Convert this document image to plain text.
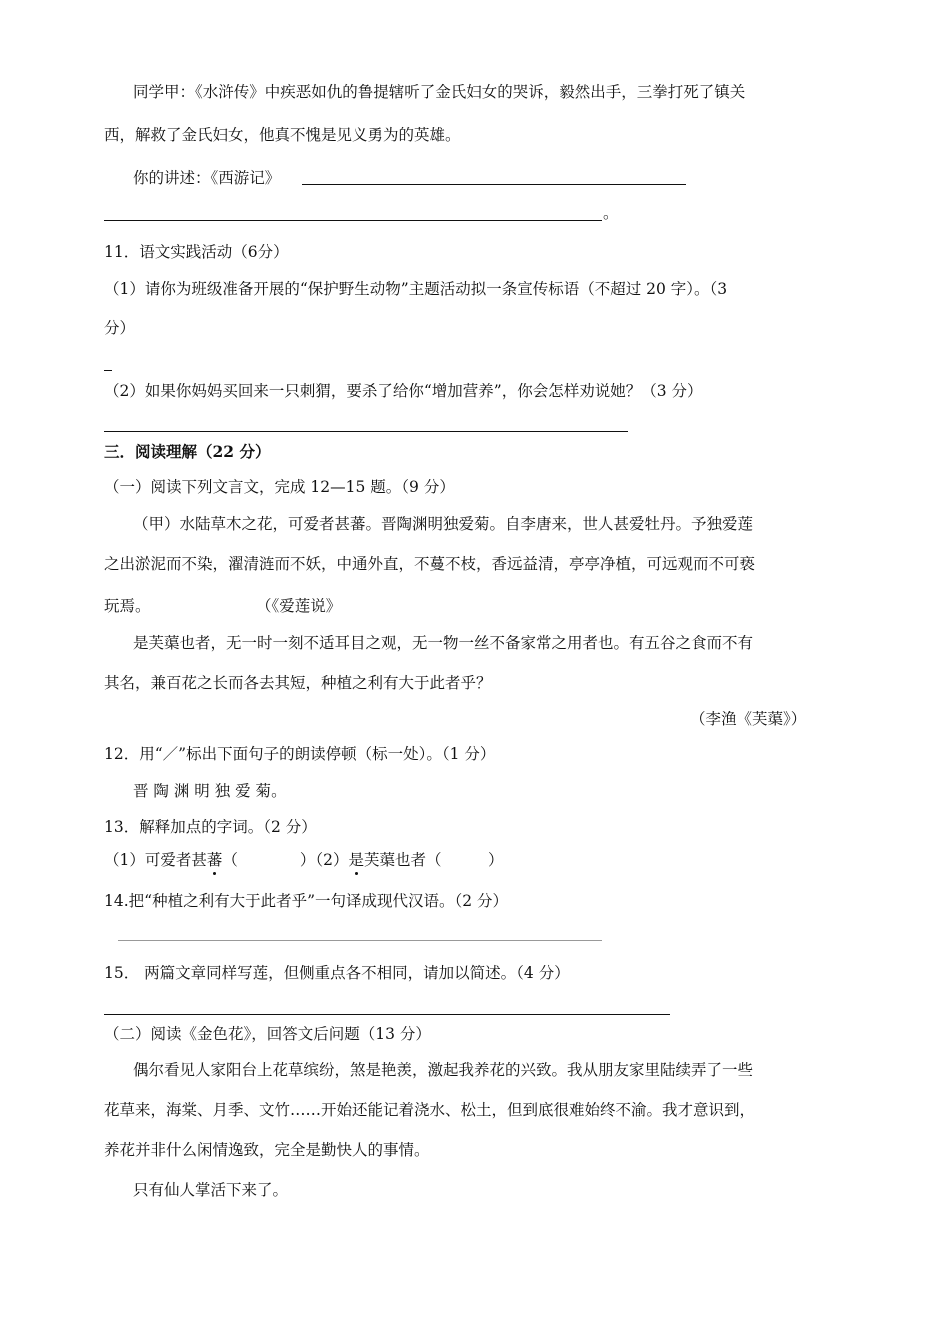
同学甲：《水浒传》中疾恶如仇的鲁提辖听了金氏妇女的哭诉，毅然出手，三拳打死了镇关
西，解救了金氏妇女，他真不愧是见义勇为的英雄。
你的讲述：《西游记》
。
11．语文实践活动（6分）
（1）请你为班级准备开展的“保护野生动物”主题活动拟一条宣传标语（不超过 20 字）。（3
分）
（2）如果你妈妈买回来一只刺猬，要杀了给你“增加营养”，你会怎样劝说她？（3 分）
三．阅读理解（22 分）
（一）阅读下列文言文，完成 12—15 题。（9 分）
（甲）水陆草木之花，可爱者甚蕃。晋陶渊明独爱菊。自李唐来，世人甚爱牡丹。予独爱莲
之出淤泥而不染，濯清涟而不妖，中通外直，不蔓不枝，香远益清，亭亭净植，可远观而不可亵
玩焉。	（《爱莲说》
是芙蕖也者，无一时一刻不适耳目之观，无一物一丝不备家常之用者也。有五谷之食而不有
其名，兼百花之长而各去其短，种植之利有大于此者乎？
（李渔《芙蕖》）
12．用“／”标出下面句子的朗读停顿（标一处）。（1 分）
晋 陶 渊 明 独 爱 菊。
13．解释加点的字词。（2 分）
（1）可爱者甚蕃（　　　　）（2）是芙蕖也者（　　　）
14.把“种植之利有大于此者乎”一句译成现代汉语。（2 分）
15． 两篇文章同样写莲，但侧重点各不相同，请加以简述。（4 分）
（二）阅读《金色花》，回答文后问题（13 分）
偶尔看见人家阳台上花草缤纷，煞是艳羡，激起我养花的兴致。我从朋友家里陆续弄了一些
花草来，海棠、月季、文竹……开始还能记着浇水、松土，但到底很难始终不渝。我才意识到，
养花并非什么闲情逸致，完全是勤快人的事情。
只有仙人掌活下来了。
